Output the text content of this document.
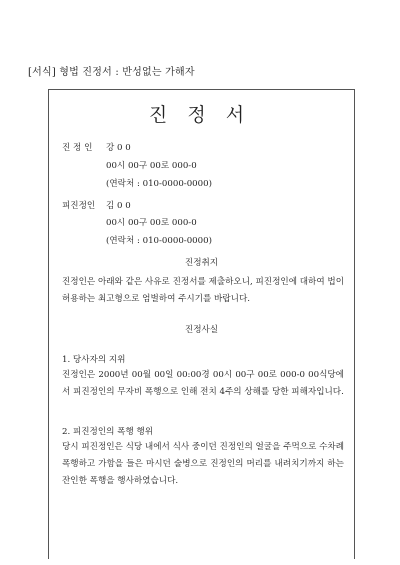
[서식] 형법 진정서 : 반성없는 가해자
진 정 서
진 정 인 강 0 0
00시 00구 00로 000-0
(연락처 : 010-0000-0000)
피진정인 김 0 0
00시 00구 00로 000-0
(연락처 : 010-0000-0000)
진정취지
진정인은 아래와 같은 사유로 진정서를 제출하오니, 피진정인에 대하여 법이 허용하는 최고형으로 엄벌하여 주시기를 바랍니다.
진정사실
1. 당사자의 지위
진정인은 2000년 00월 00일 00:00경 00시 00구 00로 000-0 00식당에서 피진정인의 무자비 폭행으로 인해 전치 4주의 상해를 당한 피해자입니다.
2. 피진정인의 폭행 행위
당시 피진정인은 식당 내에서 식사 중이던 진정인의 얼굴을 주먹으로 수차례 폭행하고 가함을 들은 마시던 술병으로 진정인의 머리를 내려치기까지 하는 잔인한 폭행을 행사하였습니다.
